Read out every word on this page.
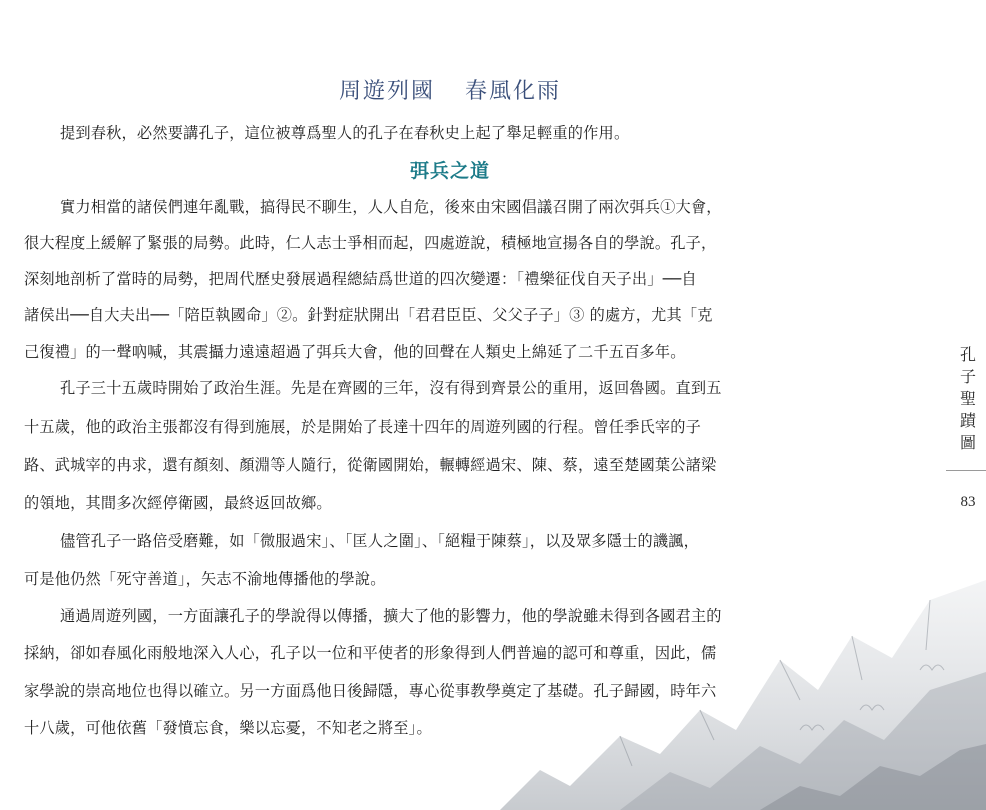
周遊列國 春風化雨
提到春秋，必然要講孔子，這位被尊爲聖人的孔子在春秋史上起了舉足輕重的作用。
弭兵之道
實力相當的諸侯們連年亂戰，搞得民不聊生，人人自危，後來由宋國倡議召開了兩次弭兵①大會，
很大程度上緩解了緊張的局勢。此時，仁人志士爭相而起，四處遊說，積極地宣揚各自的學說。孔子，
深刻地剖析了當時的局勢，把周代歷史發展過程總結爲世道的四次變遷：「禮樂征伐自天子出」──自
諸侯出──自大夫出──「陪臣執國命」②。針對症狀開出「君君臣臣、父父子子」③ 的處方，尤其「克
己復禮」的一聲吶喊，其震攝力遠遠超過了弭兵大會，他的回聲在人類史上綿延了二千五百多年。
孔子三十五歲時開始了政治生涯。先是在齊國的三年，沒有得到齊景公的重用，返回魯國。直到五
十五歲，他的政治主張都沒有得到施展，於是開始了長達十四年的周遊列國的行程。曾任季氏宰的子
路、武城宰的冉求，還有顏刻、顏淵等人隨行，從衛國開始，輾轉經過宋、陳、蔡，遠至楚國葉公諸梁
的領地，其間多次經停衛國，最終返回故鄉。
儘管孔子一路倍受磨難，如「微服過宋」、「匡人之圍」、「絕糧于陳蔡」，以及眾多隱士的譏諷，
可是他仍然「死守善道」，矢志不渝地傳播他的學說。
通過周遊列國，一方面讓孔子的學說得以傳播，擴大了他的影響力，他的學說雖未得到各國君主的
採納，卻如春風化雨般地深入人心，孔子以一位和平使者的形象得到人們普遍的認可和尊重，因此，儒
家學說的崇高地位也得以確立。另一方面爲他日後歸隱，專心從事教學奠定了基礎。孔子歸國，時年六
十八歲，可他依舊「發憤忘食，樂以忘憂，不知老之將至」。
孔子聖蹟圖
83
